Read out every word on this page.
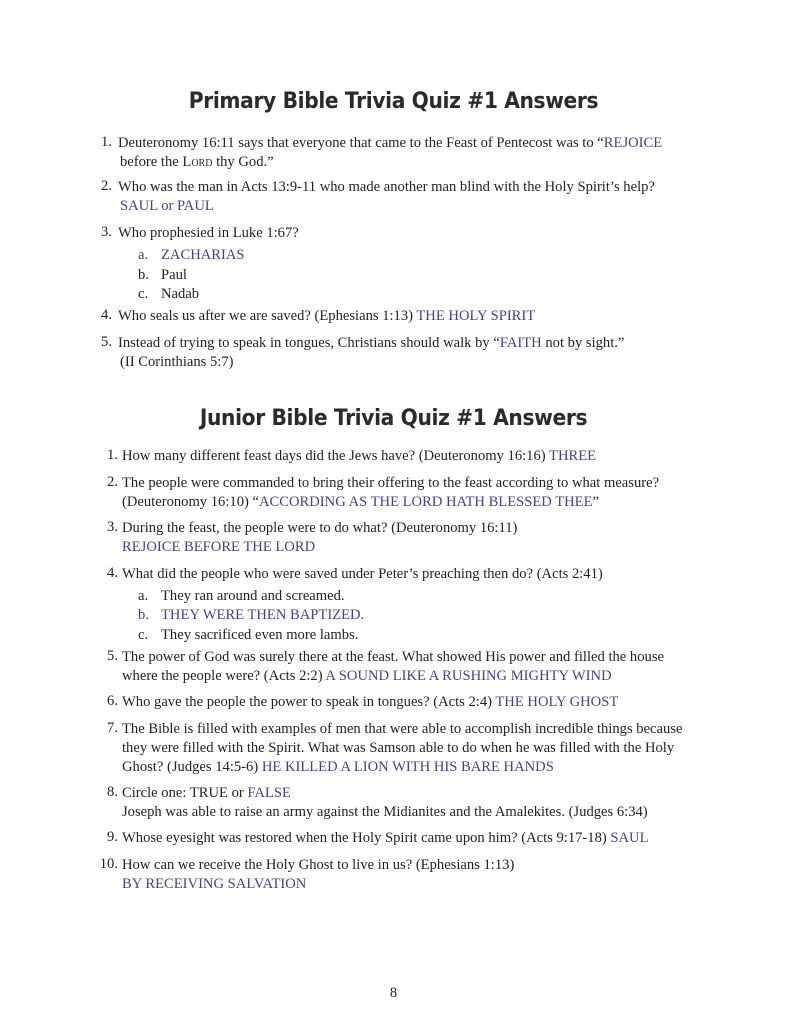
Primary Bible Trivia Quiz #1 Answers
1. Deuteronomy 16:11 says that everyone that came to the Feast of Pentecost was to “REJOICE
before the Lord thy God.”
2. Who was the man in Acts 13:9-11 who made another man blind with the Holy Spirit’s help?
SAUL or PAUL
3. Who prophesied in Luke 1:67?
a. ZACHARIAS
b. Paul
c. Nadab
4. Who seals us after we are saved? (Ephesians 1:13) THE HOLY SPIRIT
5. Instead of trying to speak in tongues, Christians should walk by “FAITH not by sight.”
(II Corinthians 5:7)
Junior Bible Trivia Quiz #1 Answers
1. How many different feast days did the Jews have? (Deuteronomy 16:16) THREE
2. The people were commanded to bring their offering to the feast according to what measure?
(Deuteronomy 16:10) “ACCORDING AS THE LORD HATH BLESSED THEE”
3. During the feast, the people were to do what? (Deuteronomy 16:11)
REJOICE BEFORE THE LORD
4. What did the people who were saved under Peter’s preaching then do? (Acts 2:41)
a. They ran around and screamed.
b. THEY WERE THEN BAPTIZED.
c. They sacrificed even more lambs.
5. The power of God was surely there at the feast. What showed His power and filled the house
where the people were? (Acts 2:2) A SOUND LIKE A RUSHING MIGHTY WIND
6. Who gave the people the power to speak in tongues? (Acts 2:4) THE HOLY GHOST
7. The Bible is filled with examples of men that were able to accomplish incredible things because
they were filled with the Spirit. What was Samson able to do when he was filled with the Holy
Ghost? (Judges 14:5-6) HE KILLED A LION WITH HIS BARE HANDS
8. Circle one: TRUE or FALSE
Joseph was able to raise an army against the Midianites and the Amalekites. (Judges 6:34)
9. Whose eyesight was restored when the Holy Spirit came upon him? (Acts 9:17-18) SAUL
10. How can we receive the Holy Ghost to live in us? (Ephesians 1:13)
BY RECEIVING SALVATION
8
